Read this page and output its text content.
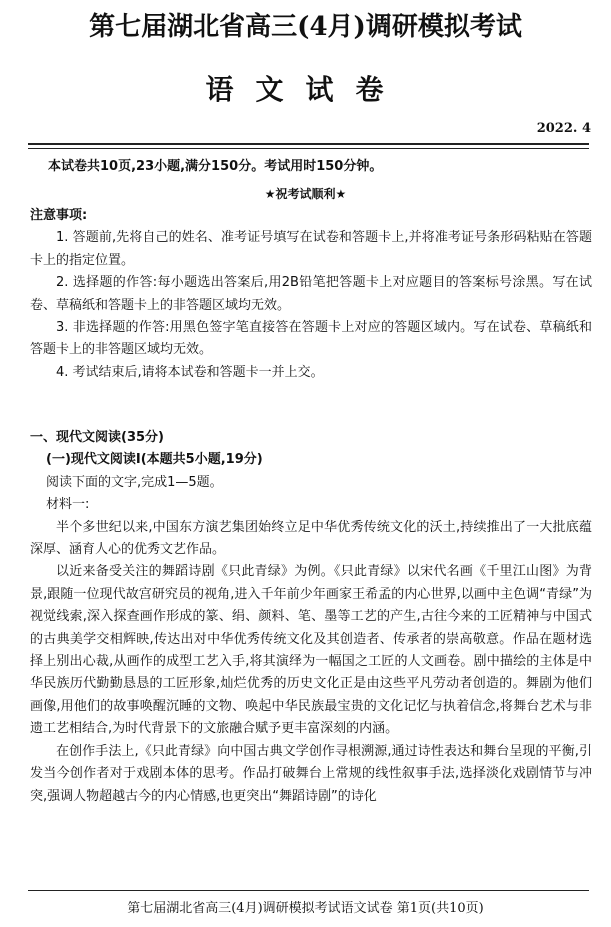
第七届湖北省高三(4月)调研模拟考试
语文试卷
2022. 4
本试卷共10页,23小题,满分150分。考试用时150分钟。
★祝考试顺利★

注意事项:

1. 答题前,先将自己的姓名、准考证号填写在试卷和答题卡上,并将准考证号条形码粘贴在答题卡上的指定位置。

2. 选择题的作答:每小题选出答案后,用2B铅笔把答题卡上对应题目的答案标号涂黑。写在试卷、草稿纸和答题卡上的非答题区域均无效。

3. 非选择题的作答:用黑色签字笔直接答在答题卡上对应的答题区域内。写在试卷、草稿纸和答题卡上的非答题区域均无效。

4. 考试结束后,请将本试卷和答题卡一并上交。

一、现代文阅读(35分)

(一)现代文阅读Ⅰ(本题共5小题,19分)

阅读下面的文字,完成1—5题。

材料一:

半个多世纪以来,中国东方演艺集团始终立足中华优秀传统文化的沃土,持续推出了一大批底蕴深厚、涵育人心的优秀文艺作品。

以近来备受关注的舞蹈诗剧《只此青绿》为例。《只此青绿》以宋代名画《千里江山图》为背景,跟随一位现代故宫研究员的视角,进入千年前少年画家王希孟的内心世界,以画中主色调“青绿”为视觉线索,深入探查画作形成的篆、绢、颜料、笔、墨等工艺的产生,古往今来的工匠精神与中国式的古典美学交相辉映,传达出对中华优秀传统文化及其创造者、传承者的崇高敬意。作品在题材选择上别出心裁,从画作的成型工艺入手,将其演绎为一幅国之工匠的人文画卷。剧中描绘的主体是中华民族历代勤勤恳恳的工匠形象,灿烂优秀的历史文化正是由这些平凡劳动者创造的。舞剧为他们画像,用他们的故事唤醒沉睡的文物、唤起中华民族最宝贵的文化记忆与执着信念,将舞台艺术与非遗工艺相结合,为时代背景下的文旅融合赋予更丰富深刻的内涵。

在创作手法上,《只此青绿》向中国古典文学创作寻根溯源,通过诗性表达和舞台呈现的平衡,引发当今创作者对于戏剧本体的思考。作品打破舞台上常规的线性叙事手法,选择淡化戏剧情节与冲突,强调人物超越古今的内心情感,也更突出“舞蹈诗剧”的诗化

第七届湖北省高三(4月)调研模拟考试语文试卷 第1页(共10页)
